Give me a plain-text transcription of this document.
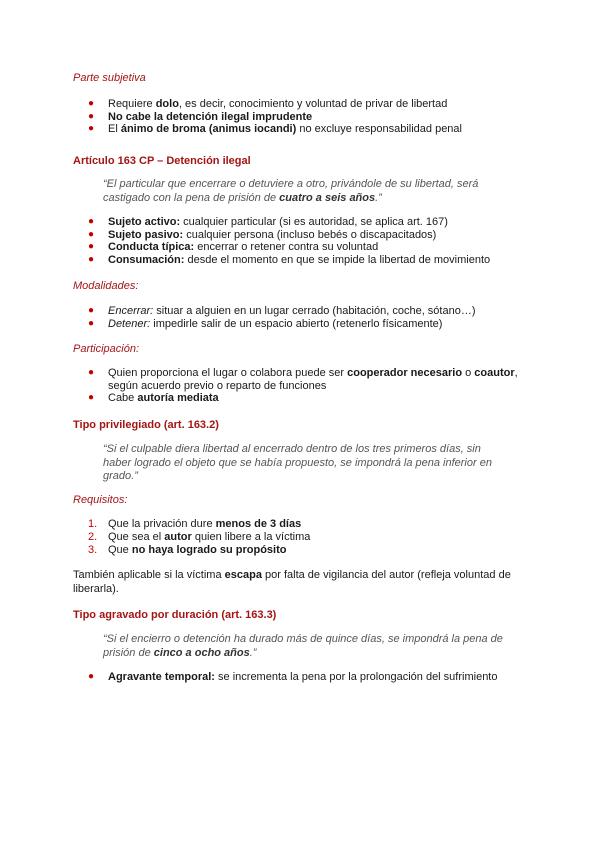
Parte subjetiva
● Requiere dolo, es decir, conocimiento y voluntad de privar de libertad
● No cabe la detención ilegal imprudente
● El ánimo de broma (animus iocandi) no excluye responsabilidad penal
Artículo 163 CP – Detención ilegal
“El particular que encerrare o detuviere a otro, privándole de su libertad, será castigado con la pena de prisión de cuatro a seis años.”
● Sujeto activo: cualquier particular (si es autoridad, se aplica art. 167)
● Sujeto pasivo: cualquier persona (incluso bebés o discapacitados)
● Conducta típica: encerrar o retener contra su voluntad
● Consumación: desde el momento en que se impide la libertad de movimiento
Modalidades:
● Encerrar: situar a alguien en un lugar cerrado (habitación, coche, sótano…)
● Detener: impedirle salir de un espacio abierto (retenerlo físicamente)
Participación:
● Quien proporciona el lugar o colabora puede ser cooperador necesario o coautor, según acuerdo previo o reparto de funciones
● Cabe autoría mediata
Tipo privilegiado (art. 163.2)
“Si el culpable diera libertad al encerrado dentro de los tres primeros días, sin haber logrado el objeto que se había propuesto, se impondrá la pena inferior en grado.”
Requisitos:
1. Que la privación dure menos de 3 días
2. Que sea el autor quien libere a la víctima
3. Que no haya logrado su propósito
También aplicable si la víctima escapa por falta de vigilancia del autor (refleja voluntad de liberarla).
Tipo agravado por duración (art. 163.3)
“Si el encierro o detención ha durado más de quince días, se impondrá la pena de prisión de cinco a ocho años.”
● Agravante temporal: se incrementa la pena por la prolongación del sufrimiento
